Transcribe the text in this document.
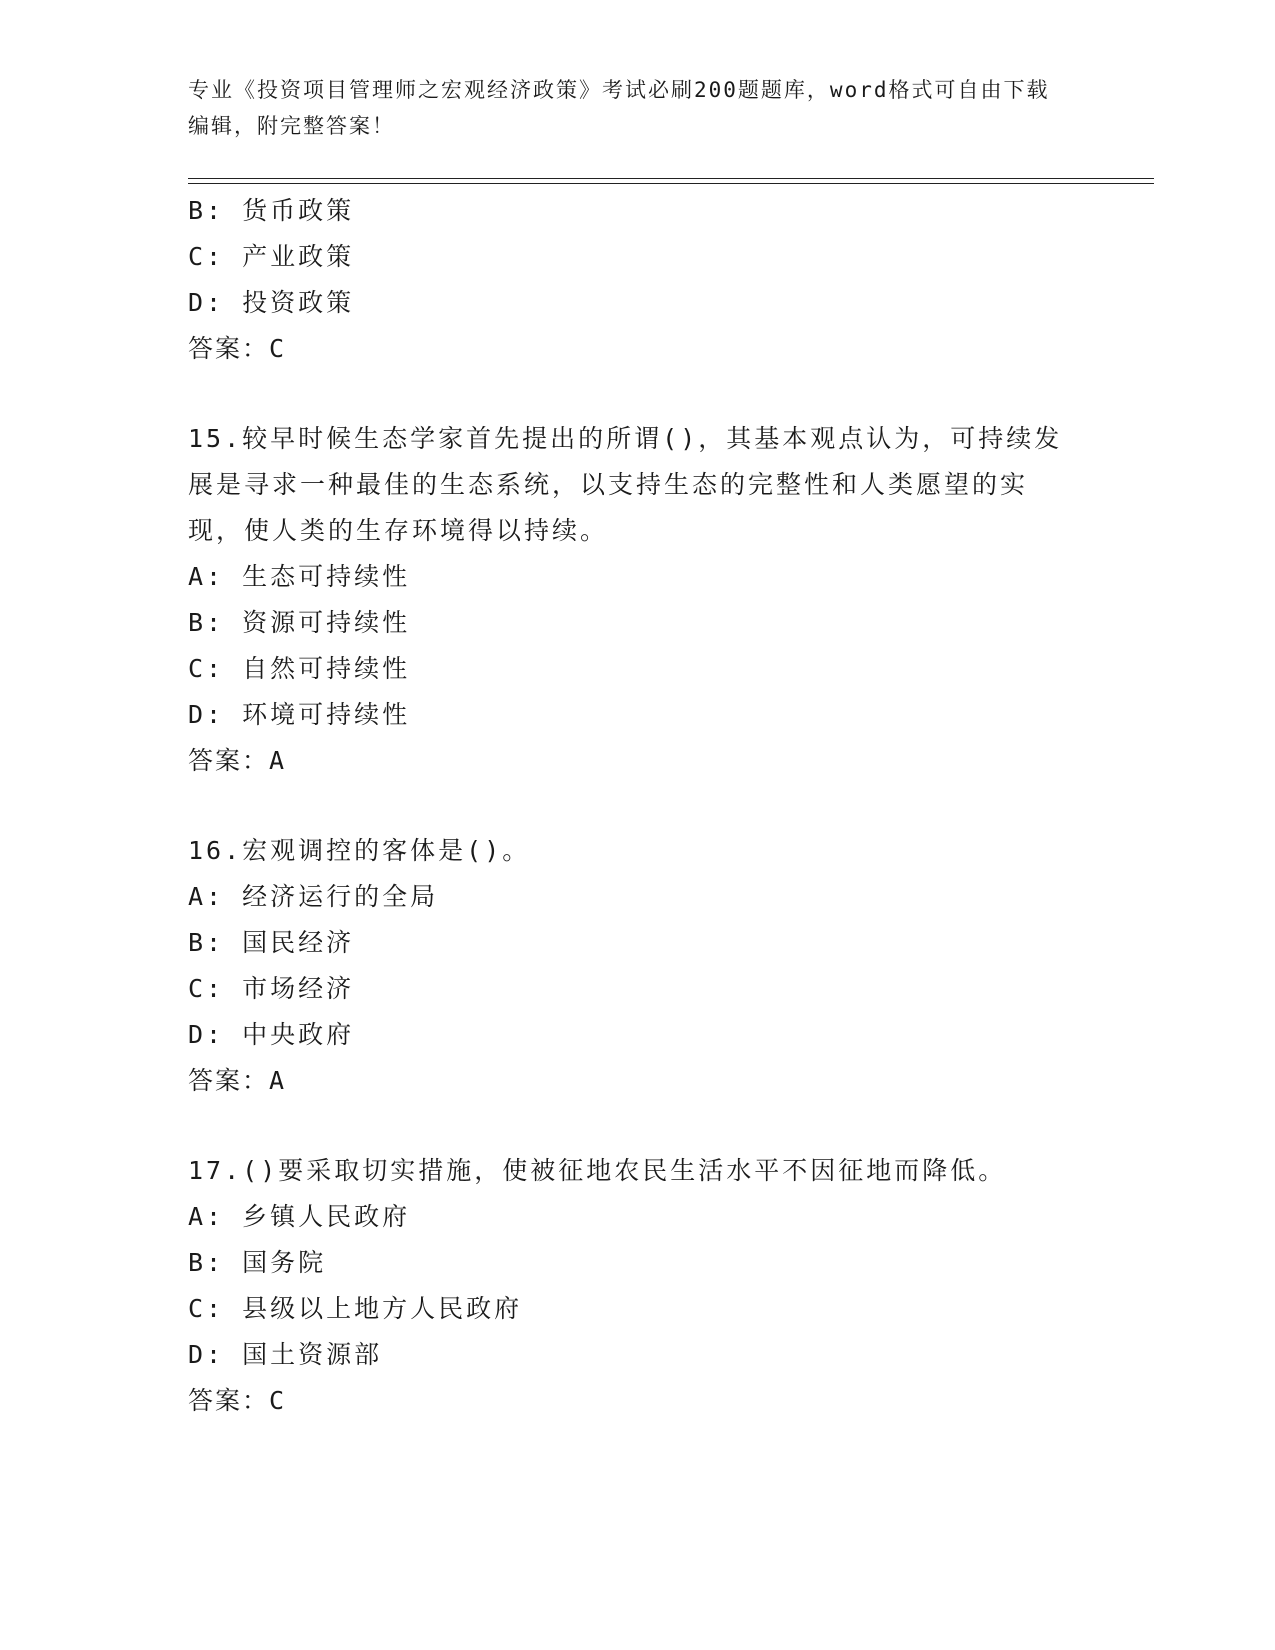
专业《投资项目管理师之宏观经济政策》考试必刷200题题库，word格式可自由下载编辑，附完整答案！
B: 货币政策
C: 产业政策
D: 投资政策
答案：C
15.较早时候生态学家首先提出的所谓()，其基本观点认为，可持续发展是寻求一种最佳的生态系统，以支持生态的完整性和人类愿望的实现，使人类的生存环境得以持续。
A: 生态可持续性
B: 资源可持续性
C: 自然可持续性
D: 环境可持续性
答案：A
16.宏观调控的客体是()。
A: 经济运行的全局
B: 国民经济
C: 市场经济
D: 中央政府
答案：A
17.()要采取切实措施，使被征地农民生活水平不因征地而降低。
A: 乡镇人民政府
B: 国务院
C: 县级以上地方人民政府
D: 国土资源部
答案：C
